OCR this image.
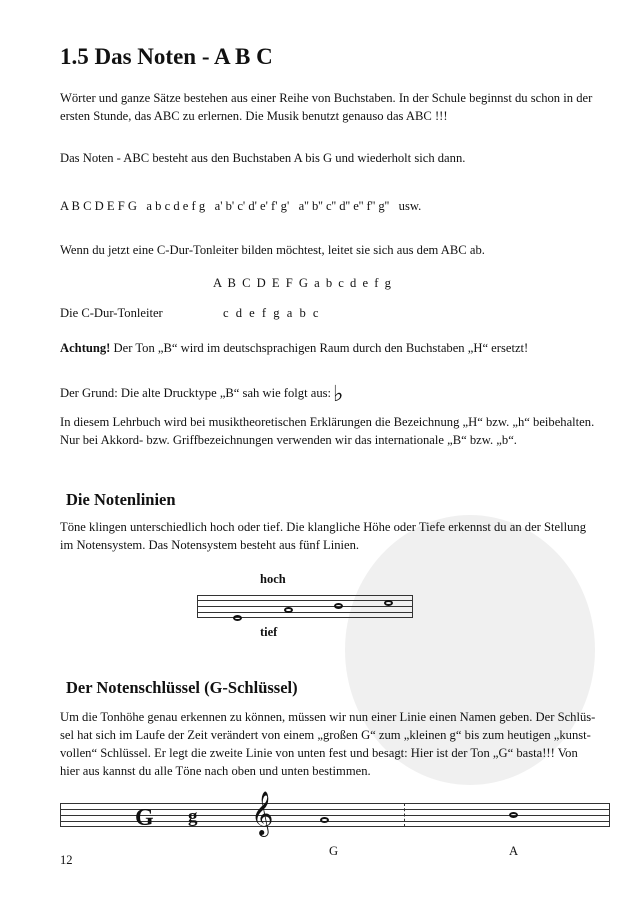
1.5 Das Noten - A B C
Wörter und ganze Sätze bestehen aus einer Reihe von Buchstaben. In der Schule beginnst du schon in der
ersten Stunde, das ABC zu erlernen. Die Musik benutzt genauso das ABC !!!
Das Noten - ABC besteht aus den Buchstaben A bis G und wiederholt sich dann.
A B C D E F G   a b c d e f g   a' b' c' d' e' f' g'   a'' b'' c'' d'' e'' f'' g''   usw.
Wenn du jetzt eine C-Dur-Tonleiter bilden möchtest, leitet sie sich aus dem ABC ab.
A B C D E F G a b c d e f g
Die C-Dur-Tonleiter	c d e f g a b c
Achtung! Der Ton „B“ wird im deutschsprachigen Raum durch den Buchstaben „H“ ersetzt!
Der Grund: Die alte Drucktype „B“ sah wie folgt aus:♭
In diesem Lehrbuch wird bei musiktheoretischen Erklärungen die Bezeichnung „H“ bzw. „h“ beibehalten.
Nur bei Akkord- bzw. Griffbezeichnungen verwenden wir das internationale „B“ bzw. „b“.
Die Notenlinien
Töne klingen unterschiedlich hoch oder tief. Die klangliche Höhe oder Tiefe erkennst du an der Stellung
im Notensystem. Das Notensystem besteht aus fünf Linien.
hoch
tief
Der Notenschlüssel (G-Schlüssel)
Um die Tonhöhe genau erkennen zu können, müssen wir nun einer Linie einen Namen geben. Der Schlüs-
sel hat sich im Laufe der Zeit verändert von einem „großen G“ zum „kleinen g“ bis zum heutigen „kunst-
vollen“ Schlüssel. Er legt die zweite Linie von unten fest und besagt: Hier ist der Ton „G“ basta!!! Von
hier aus kannst du alle Töne nach oben und unten bestimmen.
G g 𝄞
G	A
12
